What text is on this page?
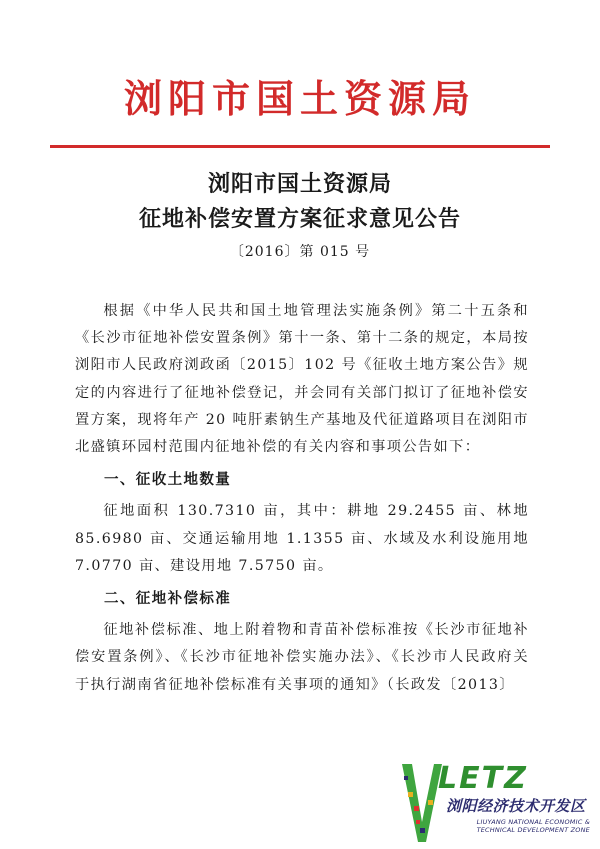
浏阳市国土资源局
浏阳市国土资源局
征地补偿安置方案征求意见公告
〔2016〕第 015 号

根据《中华人民共和国土地管理法实施条例》第二十五条和《长沙市征地补偿安置条例》第十一条、第十二条的规定，本局按浏阳市人民政府浏政函〔2015〕102 号《征收土地方案公告》规定的内容进行了征地补偿登记，并会同有关部门拟订了征地补偿安置方案，现将年产 20 吨肝素钠生产基地及代征道路项目在浏阳市北盛镇环园村范围内征地补偿的有关内容和事项公告如下：

一、征收土地数量

征地面积 130.7310 亩，其中：耕地 29.2455 亩、林地 85.6980 亩、交通运输用地 1.1355 亩、水域及水利设施用地 7.0770 亩、建设用地 7.5750 亩。

二、征地补偿标准

征地补偿标准、地上附着物和青苗补偿标准按《长沙市征地补偿安置条例》、《长沙市征地补偿实施办法》、《长沙市人民政府关于执行湖南省征地补偿标准有关事项的通知》（长政发〔2013〕

LETZ
浏阳经济技术开发区
LIUYANG NATIONAL ECONOMIC &
TECHNICAL DEVELOPMENT ZONE
